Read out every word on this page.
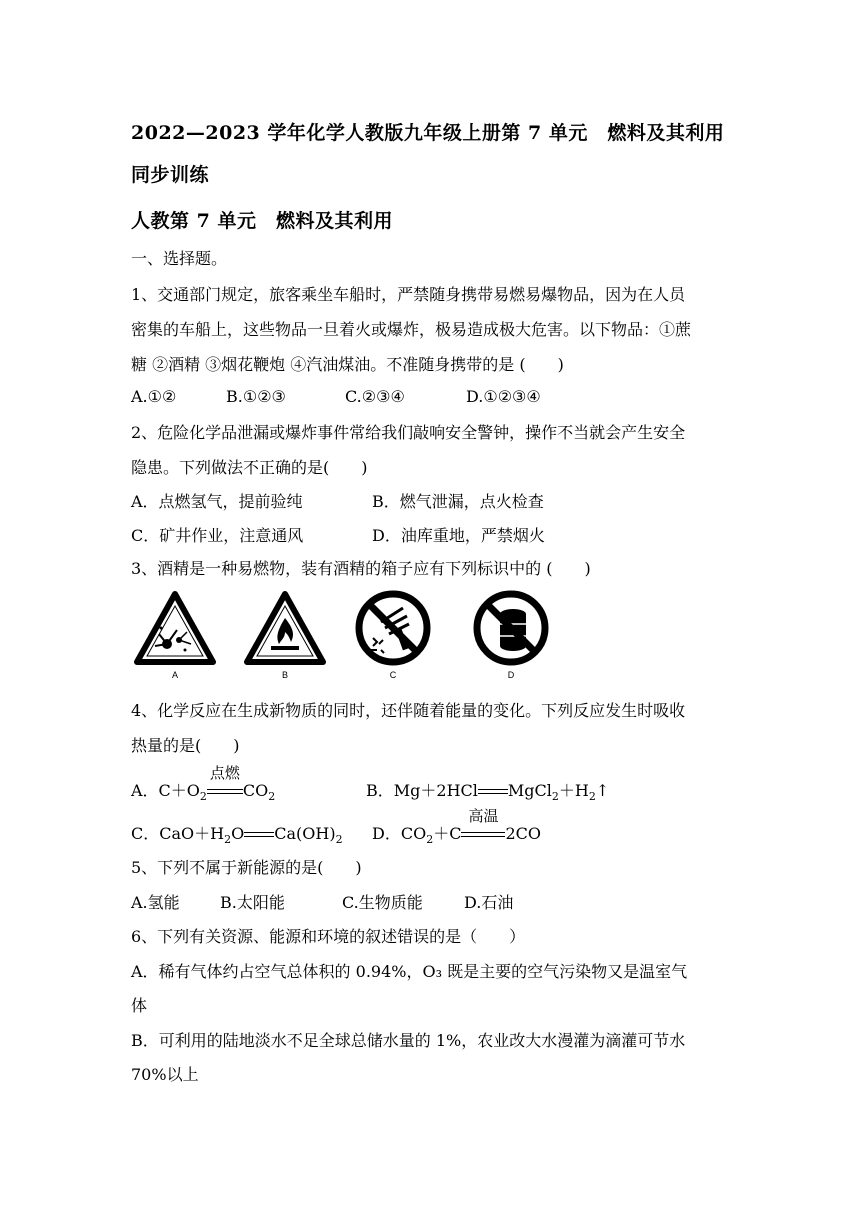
2022—2023 学年化学人教版九年级上册第 7 单元　燃料及其利用
同步训练
人教第 7 单元　燃料及其利用
一、选择题。
1、交通部门规定，旅客乘坐车船时，严禁随身携带易燃易爆物品，因为在人员
密集的车船上，这些物品一旦着火或爆炸，极易造成极大危害。以下物品：①蔗
糖 ②酒精 ③烟花鞭炮 ④汽油煤油。不准随身携带的是 (　　)
A.①②	B.①②③	C.②③④	D.①②③④
2、危险化学品泄漏或爆炸事件常给我们敲响安全警钟，操作不当就会产生安全
隐患。下列做法不正确的是(　　)
A．点燃氢气，提前验纯	B．燃气泄漏，点火检查
C．矿井作业，注意通风	D．油库重地，严禁烟火
3、酒精是一种易燃物，装有酒精的箱子应有下列标识中的 (　　)
A	B	C	D
4、化学反应在生成新物质的同时，还伴随着能量的变化。下列反应发生时吸收
热量的是(　　)
A．$C+O_2$
点燃
$CO_2$	B．Mg＋2HCl $MgCl_2+H_2↑$
C．$CaO+H_2O$ $Ca(OH)_2$ D．$CO_2+C$
高温
2CO
5、下列不属于新能源的是(　　)
A.氢能	B.太阳能	C.生物质能	D.石油
6、下列有关资源、能源和环境的叙述错误的是（　　）
A．稀有气体约占空气总体积的 0.94%，O₃ 既是主要的空气污染物又是温室气
体
B．可利用的陆地淡水不足全球总储水量的 1%，农业改大水漫灌为滴灌可节水
70%以上
